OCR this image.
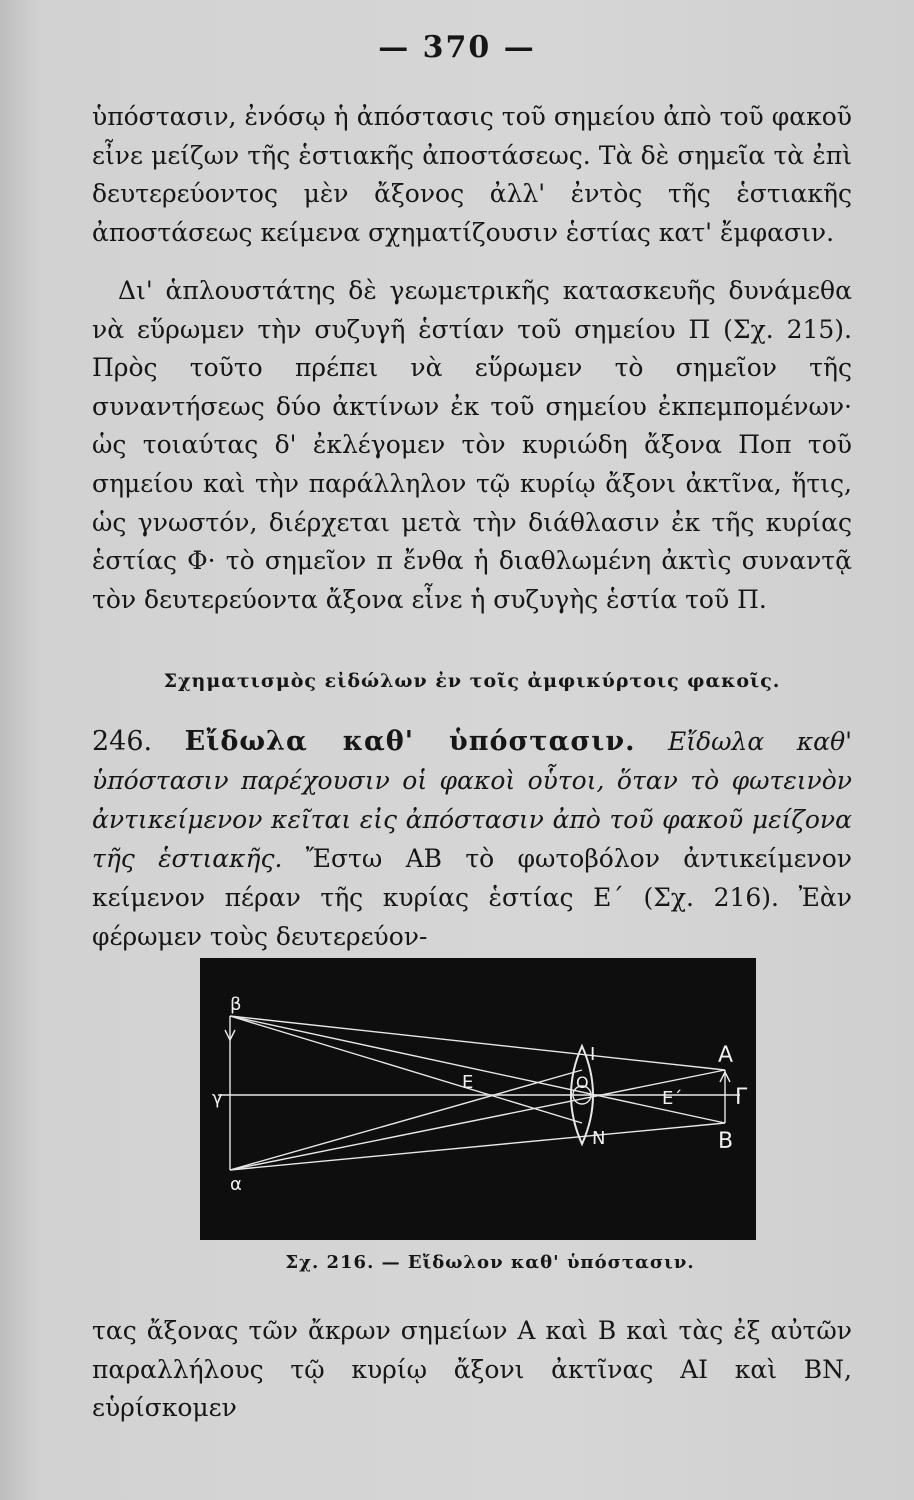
— 370 —
ὑπόστασιν, ἐνόσῳ ἡ ἀπόστασις τοῦ σημείου ἀπὸ τοῦ φακοῦ εἶνε μείζων τῆς ἑστιακῆς ἀποστάσεως. Τὰ δὲ σημεῖα τὰ ἐπὶ δευτερεύοντος μὲν ἄξονος ἀλλ' ἐντὸς τῆς ἑστιακῆς ἀποστάσεως κείμενα σχηματίζουσιν ἑστίας κατ' ἔμφασιν.
Δι' ἁπλουστάτης δὲ γεωμετρικῆς κατασκευῆς δυνάμεθα νὰ εὕρωμεν τὴν συζυγῆ ἑστίαν τοῦ σημείου Π (Σχ. 215). Πρὸς τοῦτο πρέπει νὰ εὕρωμεν τὸ σημεῖον τῆς συναντήσεως δύο ἀκτίνων ἐκ τοῦ σημείου ἐκπεμπομένων· ὡς τοιαύτας δ' ἐκλέγομεν τὸν κυριώδη ἄξονα Ποπ τοῦ σημείου καὶ τὴν παράλληλον τῷ κυρίῳ ἄξονι ἀκτῖνα, ἥτις, ὡς γνωστόν, διέρχεται μετὰ τὴν διάθλασιν ἐκ τῆς κυρίας ἑστίας Φ· τὸ σημεῖον π ἔνθα ἡ διαθλωμένη ἀκτὶς συναντᾷ τὸν δευτερεύοντα ἄξονα εἶνε ἡ συζυγὴς ἑστία τοῦ Π.
Σχηματισμὸς εἰδώλων ἐν τοῖς ἀμφικύρτοις φακοῖς.
246. Εἴδωλα καθ' ὑπόστασιν. Εἴδωλα καθ' ὑπόστασιν παρέχουσιν οἱ φακοὶ οὗτοι, ὅταν τὸ φωτεινὸν ἀντικείμενον κεῖται εἰς ἀπόστασιν ἀπὸ τοῦ φακοῦ μείζονα τῆς ἑστιακῆς. Ἔστω ΑΒ τὸ φωτοβόλον ἀντικείμενον κείμενον πέραν τῆς κυρίας ἑστίας Ε΄ (Σχ. 216). Ἐὰν φέρωμεν τοὺς δευτερεύον-
β
γ
α
Ε	Ο
Ι
Ν
Ε΄
Α
Γ
Β
Σχ. 216. — Εἴδωλον καθ' ὑπόστασιν.
τας ἄξονας τῶν ἄκρων σημείων Α καὶ Β καὶ τὰς ἐξ αὐτῶν παραλλήλους τῷ κυρίῳ ἄξονι ἀκτῖνας ΑΙ καὶ ΒΝ, εὑρίσκομεν
